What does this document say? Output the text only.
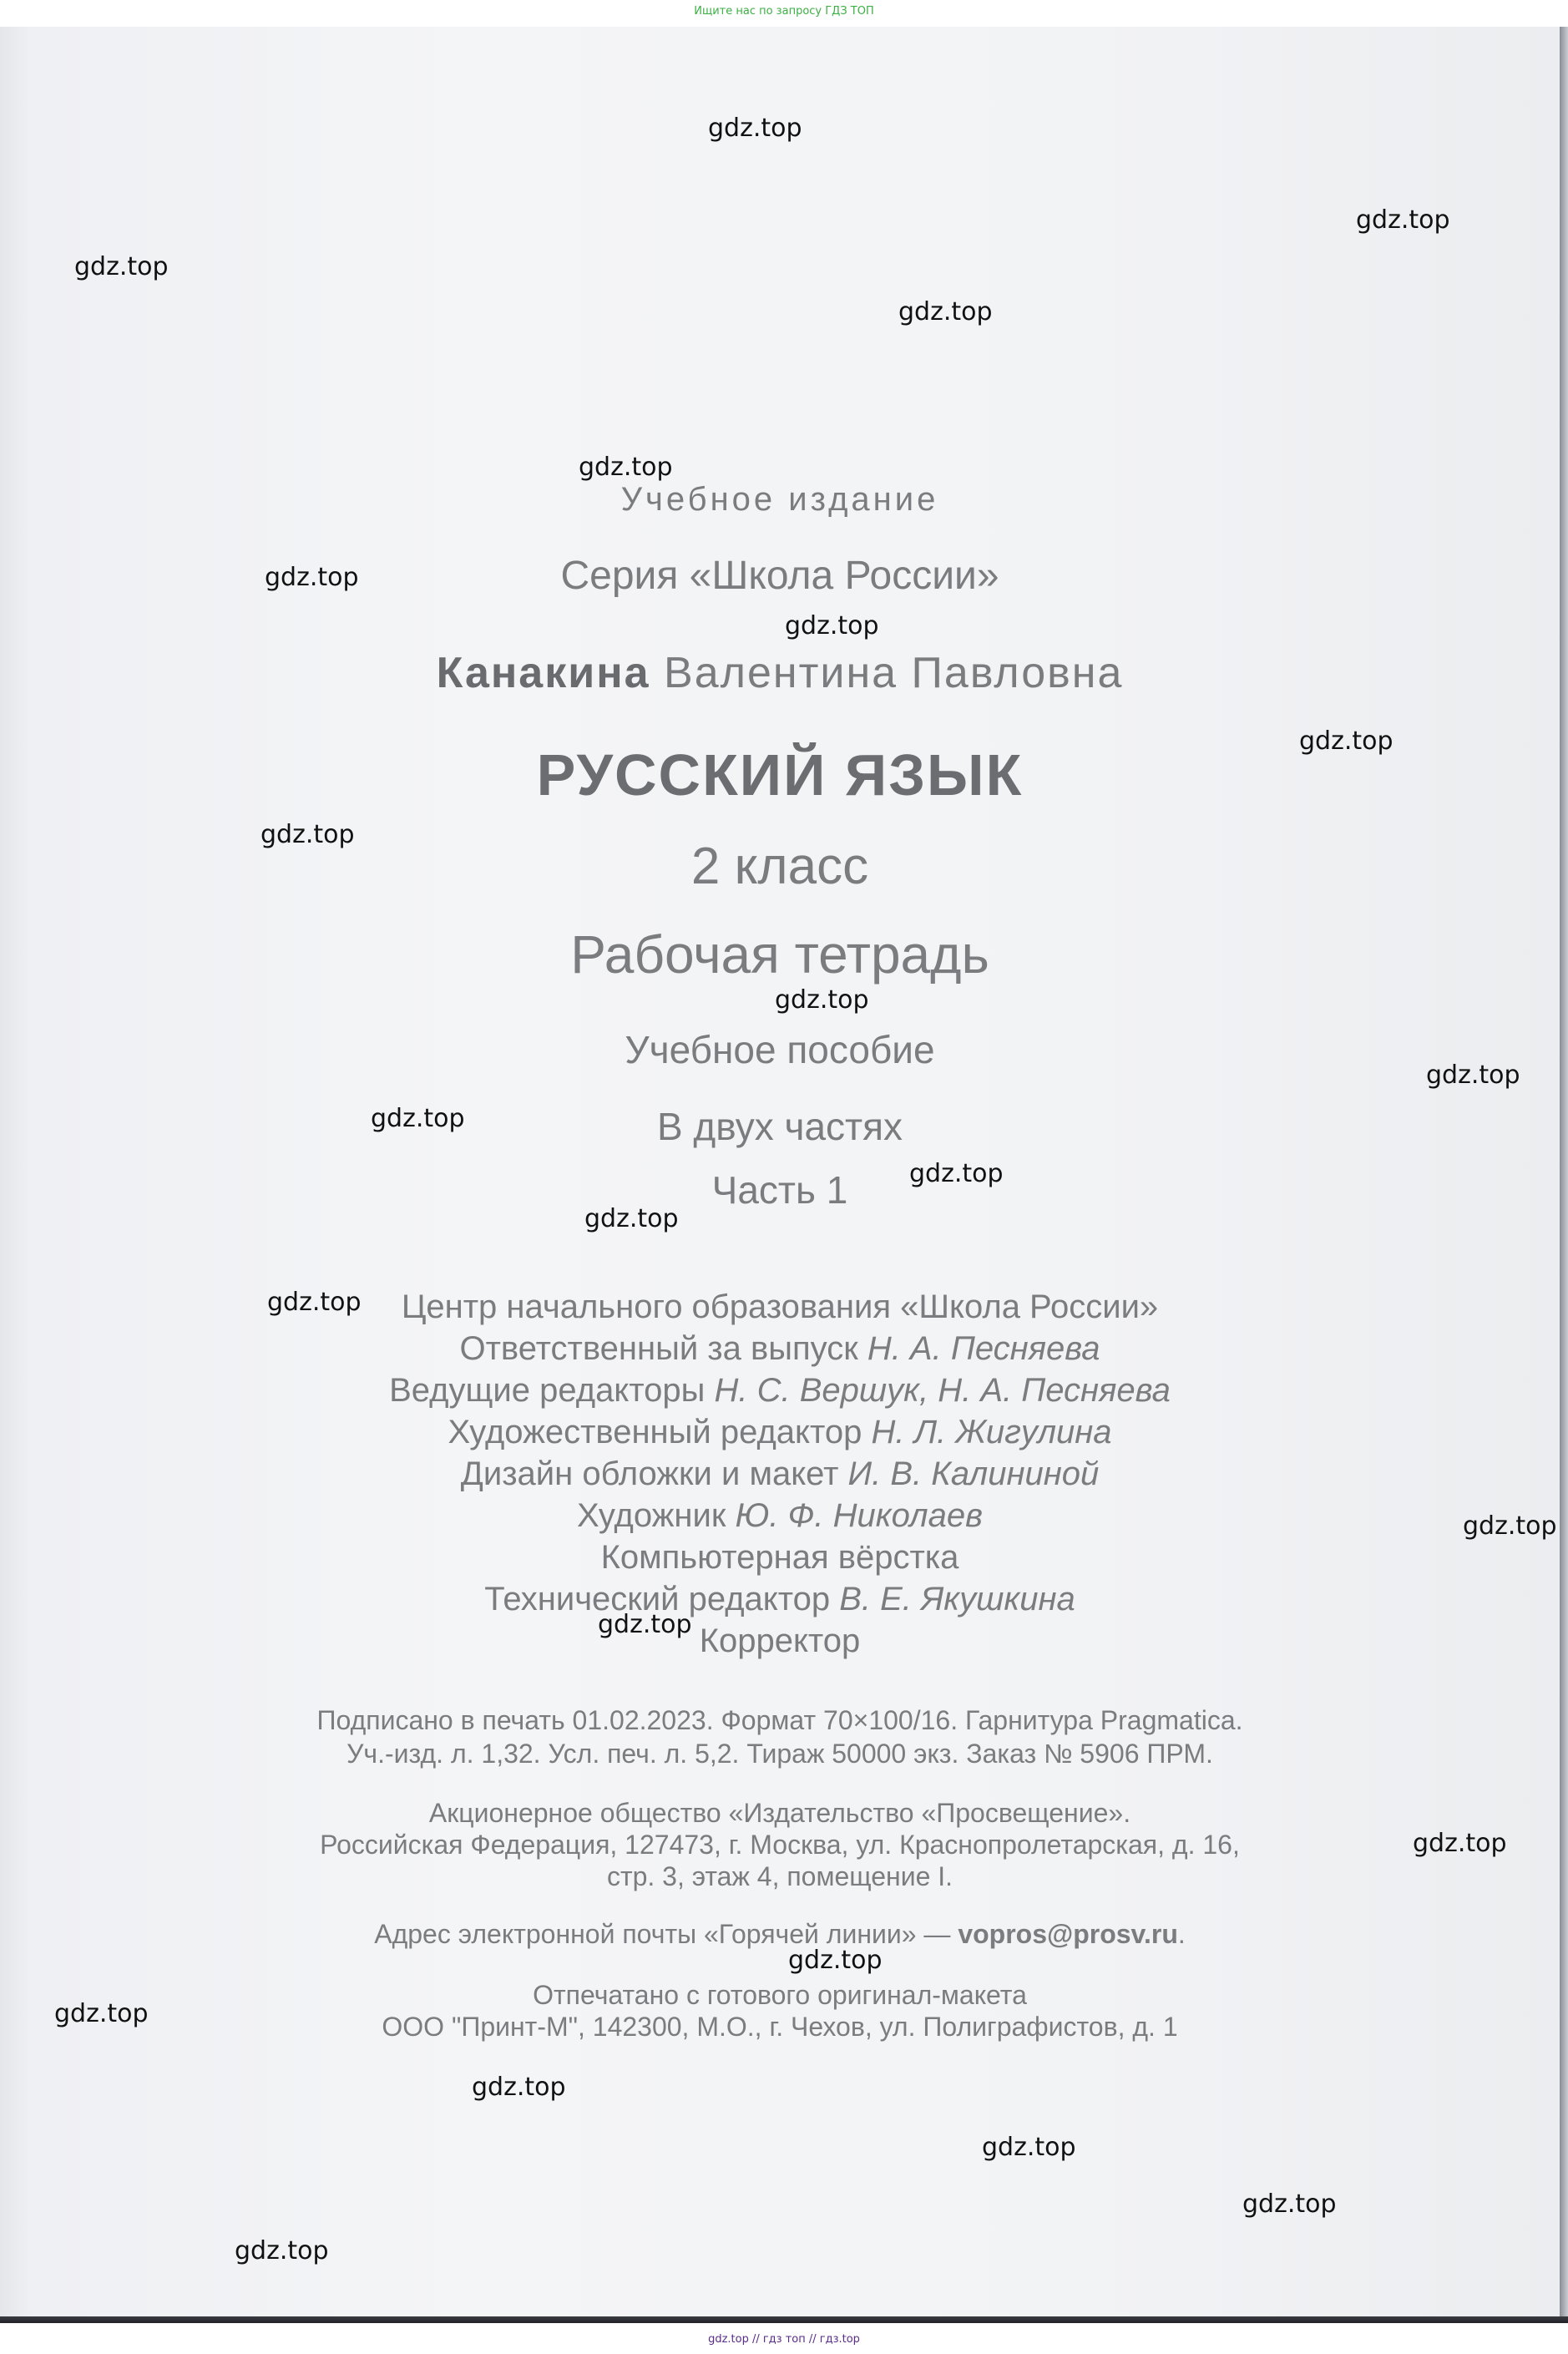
Ищите нас по запросу ГДЗ ТОП
Учебное издание
Серия «Школа России»
Канакина Валентина Павловна
РУССКИЙ ЯЗЫК
2 класс
Рабочая тетрадь
Учебное пособие
В двух частях
Часть 1
Центр начального образования «Школа России»
Ответственный за выпуск Н. А. Песняева
Ведущие редакторы Н. С. Вершук, Н. А. Песняева
Художественный редактор Н. Л. Жигулина
Дизайн обложки и макет И. В. Калининой
Художник Ю. Ф. Николаев
Компьютерная вёрстка
Технический редактор В. Е. Якушкина
Корректор
Подписано в печать 01.02.2023. Формат 70×100/16. Гарнитура Pragmatica.
Уч.-изд. л. 1,32. Усл. печ. л. 5,2. Тираж 50000 экз. Заказ № 5906 ПРМ.
Акционерное общество «Издательство «Просвещение».
Российская Федерация, 127473, г. Москва, ул. Краснопролетарская, д. 16,
стр. 3, этаж 4, помещение I.
Адрес электронной почты «Горячей линии» — vopros@prosv.ru.
Отпечатано с готового оригинал-макета
ООО "Принт-М", 142300, М.О., г. Чехов, ул. Полиграфистов, д. 1
gdz.top
gdz.top
gdz.top
gdz.top
gdz.top
gdz.top
gdz.top
gdz.top
gdz.top
gdz.top
gdz.top
gdz.top
gdz.top
gdz.top
gdz.top
gdz.top
gdz.top
gdz.top
gdz.top
gdz.top
gdz.top
gdz.top
gdz.top
gdz.top
gdz.top // гдз топ // гдз.top
